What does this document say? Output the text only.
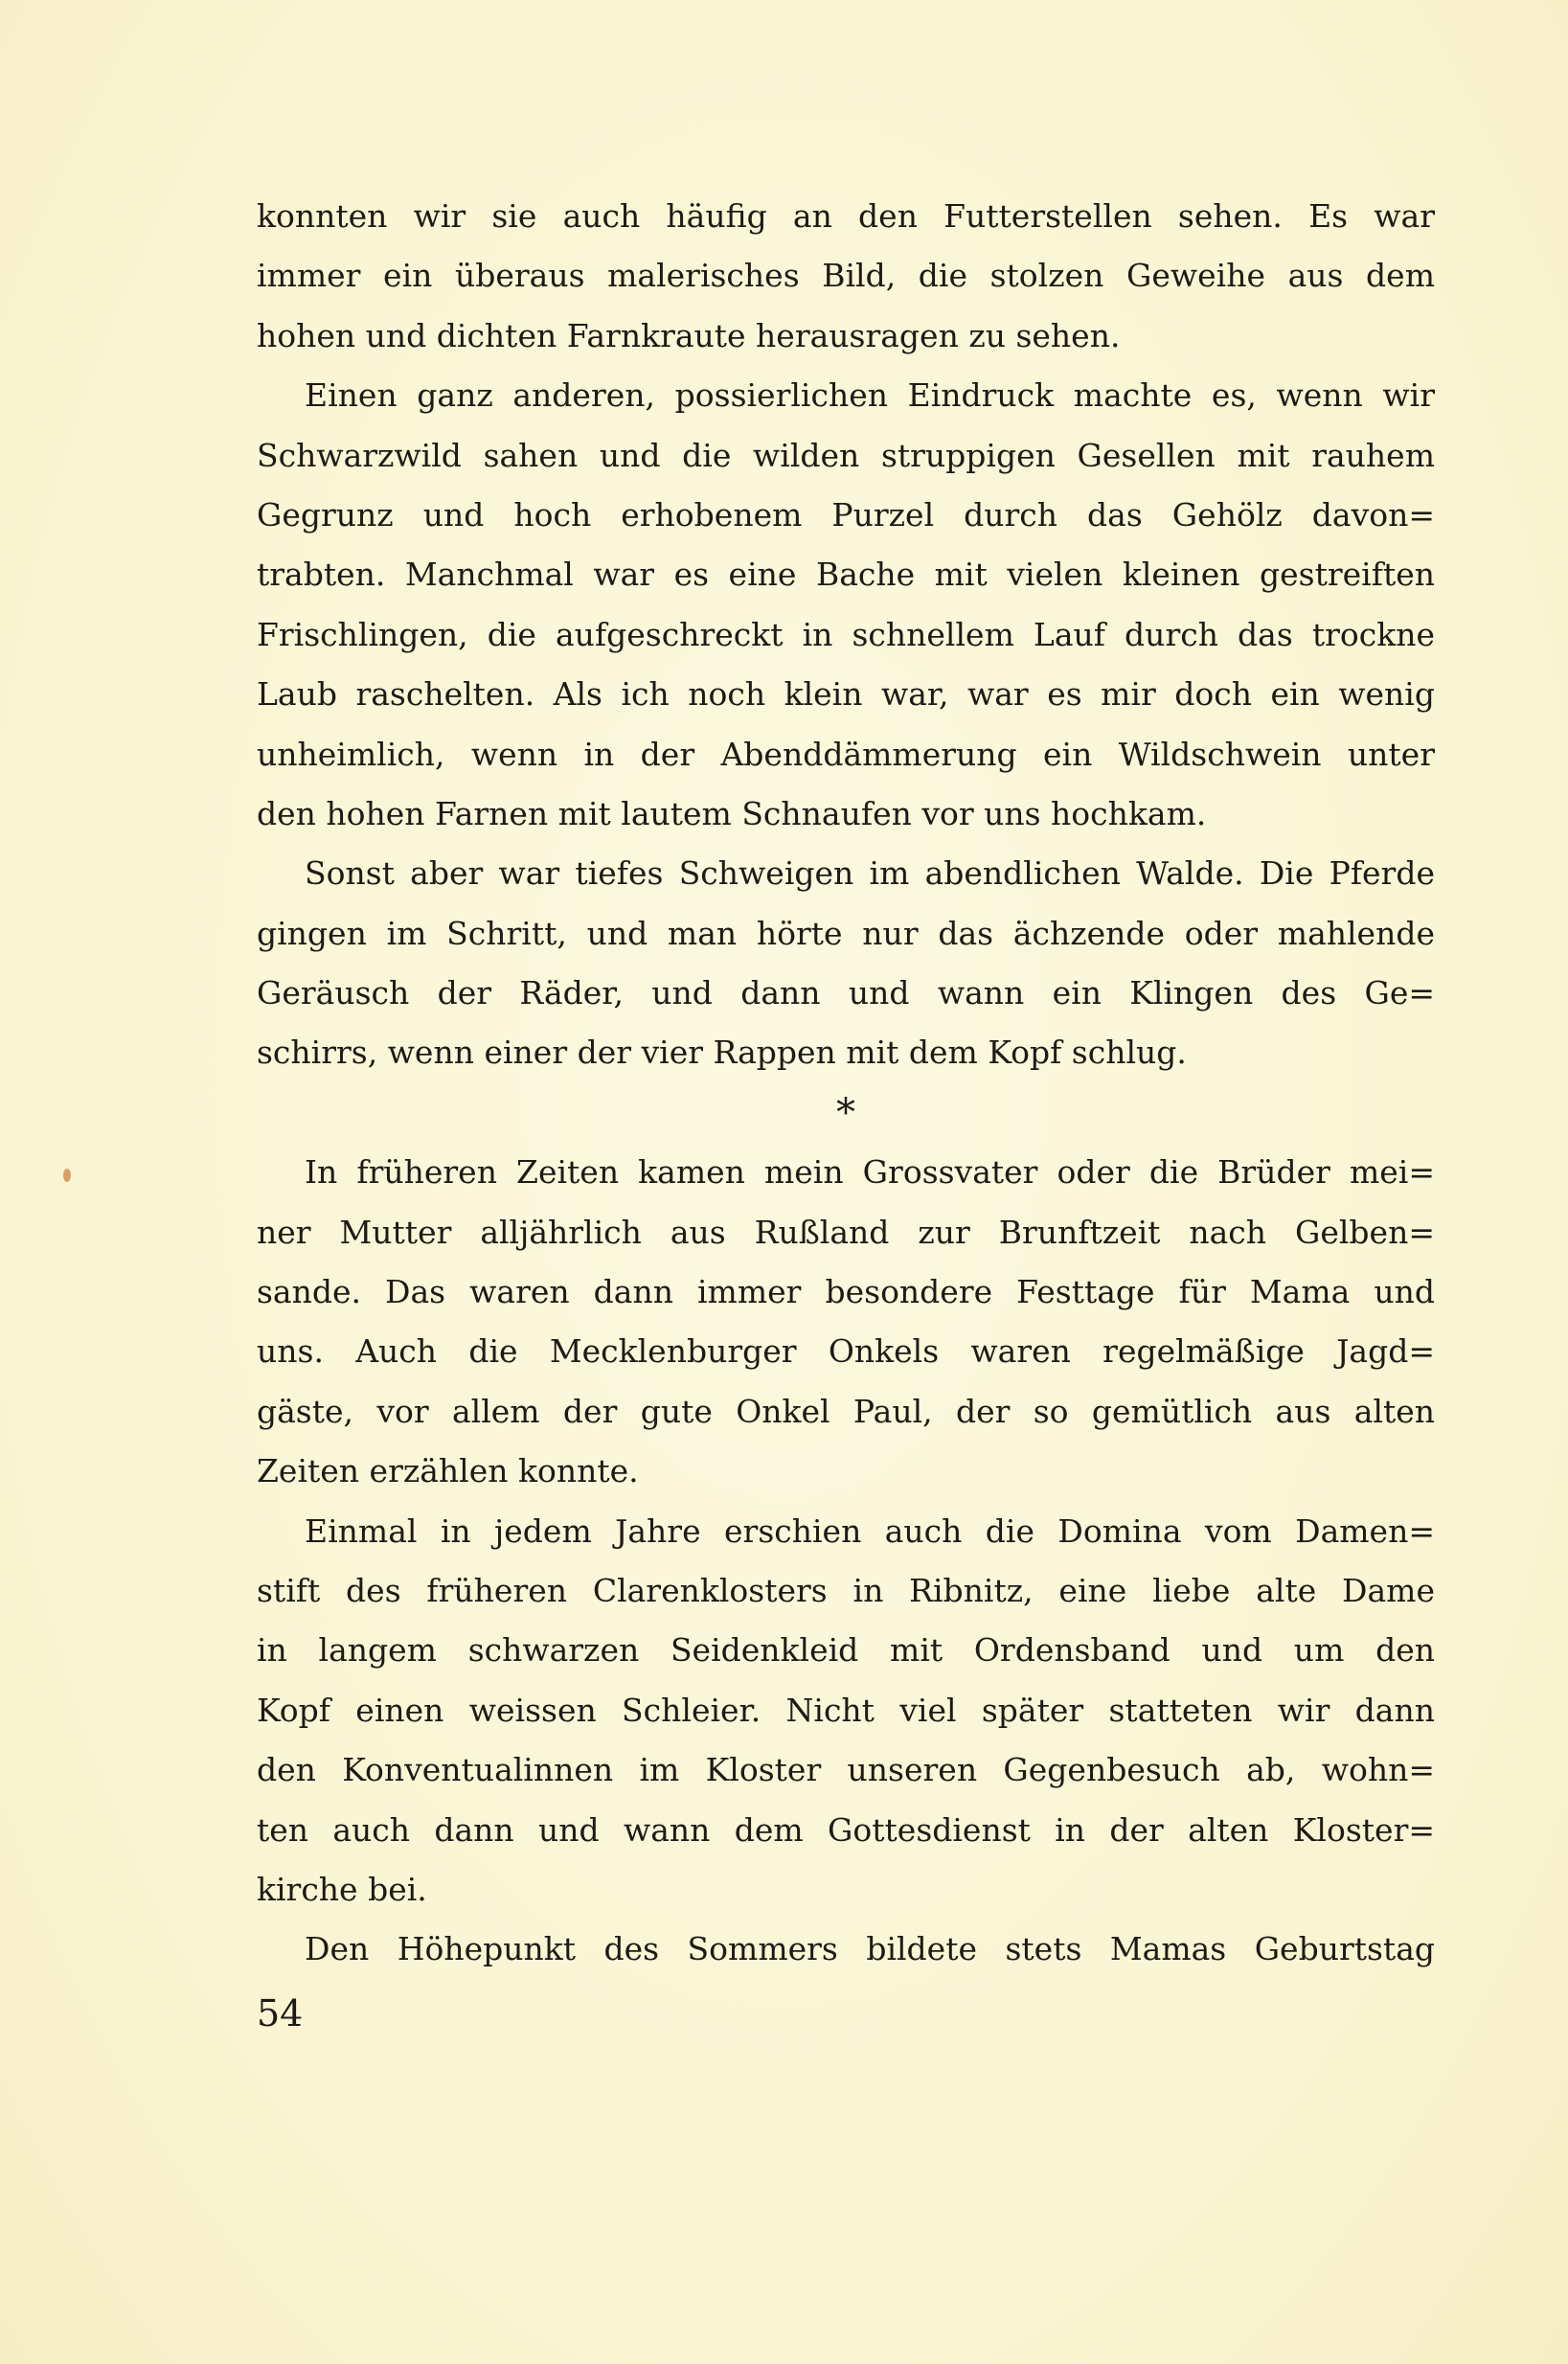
konnten wir sie auch häufig an den Futterstellen sehen. Es war
immer ein überaus malerisches Bild, die stolzen Geweihe aus dem
hohen und dichten Farnkraute herausragen zu sehen.
Einen ganz anderen, possierlichen Eindruck machte es, wenn wir
Schwarzwild sahen und die wilden struppigen Gesellen mit rauhem
Gegrunz und hoch erhobenem Purzel durch das Gehölz davon=
trabten. Manchmal war es eine Bache mit vielen kleinen gestreiften
Frischlingen, die aufgeschreckt in schnellem Lauf durch das trockne
Laub raschelten. Als ich noch klein war, war es mir doch ein wenig
unheimlich, wenn in der Abenddämmerung ein Wildschwein unter
den hohen Farnen mit lautem Schnaufen vor uns hochkam.
Sonst aber war tiefes Schweigen im abendlichen Walde. Die Pferde
gingen im Schritt, und man hörte nur das ächzende oder mahlende
Geräusch der Räder, und dann und wann ein Klingen des Ge=
schirrs, wenn einer der vier Rappen mit dem Kopf schlug.
*
In früheren Zeiten kamen mein Grossvater oder die Brüder mei=
ner Mutter alljährlich aus Rußland zur Brunftzeit nach Gelben=
sande. Das waren dann immer besondere Festtage für Mama und
uns. Auch die Mecklenburger Onkels waren regelmäßige Jagd=
gäste, vor allem der gute Onkel Paul, der so gemütlich aus alten
Zeiten erzählen konnte.
Einmal in jedem Jahre erschien auch die Domina vom Damen=
stift des früheren Clarenklosters in Ribnitz, eine liebe alte Dame
in langem schwarzen Seidenkleid mit Ordensband und um den
Kopf einen weissen Schleier. Nicht viel später statteten wir dann
den Konventualinnen im Kloster unseren Gegenbesuch ab, wohn=
ten auch dann und wann dem Gottesdienst in der alten Kloster=
kirche bei.
Den Höhepunkt des Sommers bildete stets Mamas Geburtstag
54
